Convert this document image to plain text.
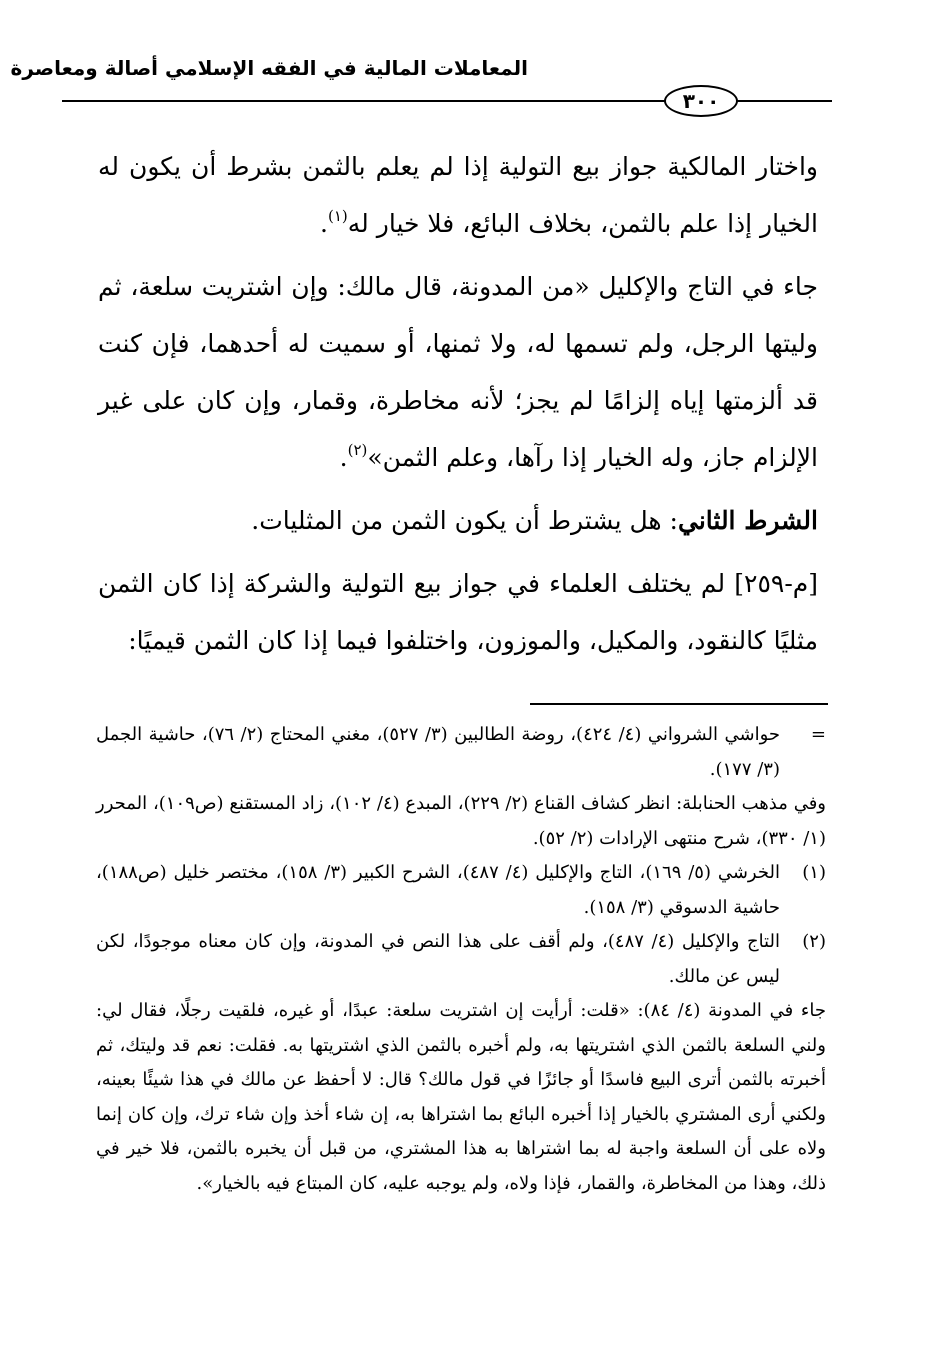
المعاملات المالية في الفقه الإسلامي أصالة ومعاصرة
٣٠٠

واختار المالكية جواز بيع التولية إذا لم يعلم بالثمن بشرط أن يكون له الخيار إذا علم بالثمن، بخلاف البائع، فلا خيار له$^{(١)}$.

جاء في التاج والإكليل «من المدونة، قال مالك: وإن اشتريت سلعة، ثم وليتها الرجل، ولم تسمها له، ولا ثمنها، أو سميت له أحدهما، فإن كنت قد ألزمتها إياه إلزامًا لم يجز؛ لأنه مخاطرة، وقمار، وإن كان على غير الإلزام جاز، وله الخيار إذا رآها، وعلم الثمن»$^{(٢)}$.

الشرط الثاني: هل يشترط أن يكون الثمن من المثليات.

[م-٢٥٩] لم يختلف العلماء في جواز بيع التولية والشركة إذا كان الثمن مثليًا كالنقود، والمكيل، والموزون، واختلفوا فيما إذا كان الثمن قيميًا:

=

حواشي الشرواني (٤/ ٤٢٤)، روضة الطالبين (٣/ ٥٢٧)، مغني المحتاج (٢/ ٧٦)، حاشية الجمل (٣/ ١٧٧).

وفي مذهب الحنابلة: انظر كشاف القناع (٢/ ٢٢٩)، المبدع (٤/ ١٠٢)، زاد المستقنع (ص١٠٩)، المحرر (١/ ٣٣٠)، شرح منتهى الإرادات (٢/ ٥٢).

(١)

الخرشي (٥/ ١٦٩)، التاج والإكليل (٤/ ٤٨٧)، الشرح الكبير (٣/ ١٥٨)، مختصر خليل (ص١٨٨)، حاشية الدسوقي (٣/ ١٥٨).

(٢)

التاج والإكليل (٤/ ٤٨٧)، ولم أقف على هذا النص في المدونة، وإن كان معناه موجودًا، لكن ليس عن مالك.

جاء في المدونة (٤/ ٨٤): «قلت: أرأيت إن اشتريت سلعة: عبدًا، أو غيره، فلقيت رجلًا، فقال لي: ولني السلعة بالثمن الذي اشتريتها به، ولم أخبره بالثمن الذي اشتريتها به. فقلت: نعم قد وليتك، ثم أخبرته بالثمن أترى البيع فاسدًا أو جائزًا في قول مالك؟ قال: لا أحفظ عن مالك في هذا شيئًا بعينه، ولكني أرى المشتري بالخيار إذا أخبره البائع بما اشتراها به، إن شاء أخذ وإن شاء ترك، وإن كان إنما ولاه على أن السلعة واجبة له بما اشتراها به هذا المشتري، من قبل أن يخبره بالثمن، فلا خير في ذلك، وهذا من المخاطرة، والقمار، فإذا ولاه، ولم يوجبه عليه، كان المبتاع فيه بالخيار».
